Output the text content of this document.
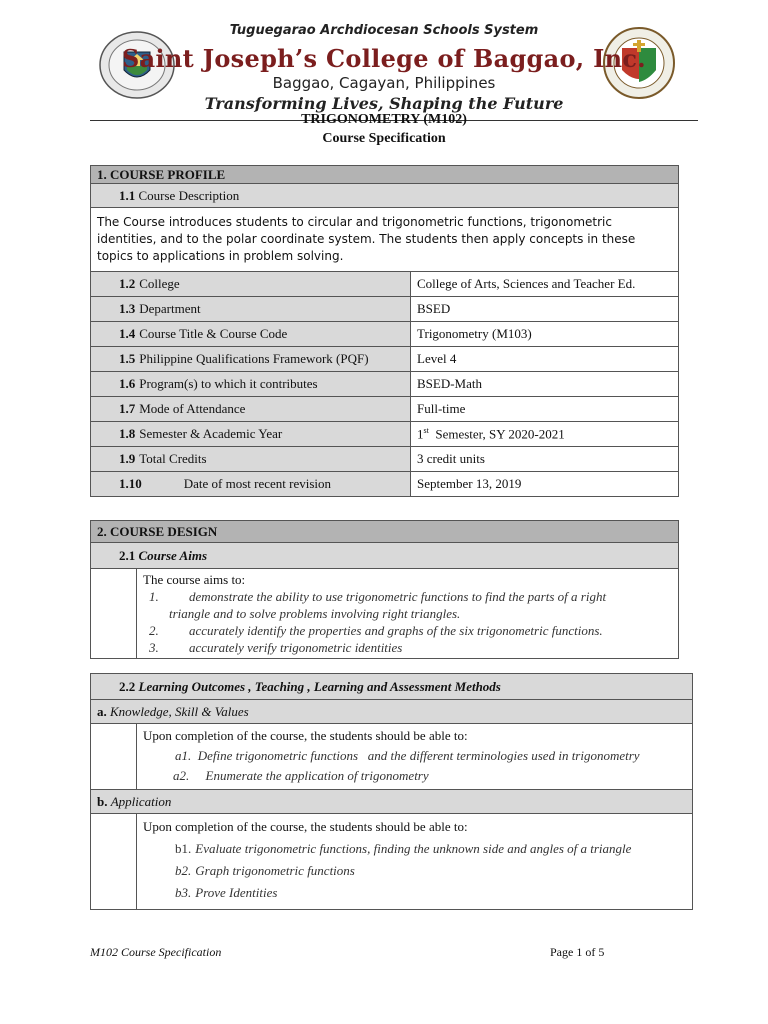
Tuguegarao Archdiocesan Schools System
Saint Joseph’s College of Baggao, Inc.
Baggao, Cagayan, Philippines
Transforming Lives, Shaping the Future
TRIGONOMETRY (M102)
Course Specification
1. COURSE PROFILE	
1.1 Course Description	
The Course introduces students to circular and trigonometric functions, trigonometric identities, and to the polar coordinate system. The students then apply concepts in these topics to applications in problem solving.	
1.2 College	College of Arts, Sciences and Teacher Ed.
1.3 Department	BSED
1.4 Course Title & Course Code	Trigonometry (M103)
1.5 Philippine Qualifications Framework (PQF)	Level 4
1.6 Program(s) to which it contributes	BSED-Math
1.7 Mode of Attendance	Full-time
1.8 Semester & Academic Year	1st  Semester, SY 2020-2021
1.9 Total Credits	3 credit units
1.10 Date of most recent revision	September 13, 2019
2. COURSE DESIGN
2.1 Course Aims

The course aims to:
1. demonstrate the ability to use trigonometric functions to find the parts of a right
triangle and to solve problems involving right triangles.
2. accurately identify the properties and graphs of the six trigonometric functions.
3. accurately verify trigonometric identities
2.2 Learning Outcomes , Teaching , Learning and Assessment Methods	
a. Knowledge, Skill & Values	

	Upon completion of the course, the students should be able to:
a1.  Define trigonometric functions   and the different terminologies used in trigonometry
a2.     Enumerate the application of trigonometry

b. Application	

	Upon completion of the course, the students should be able to:
b1. Evaluate trigonometric functions, finding the unknown side and angles of a triangle
b2. Graph trigonometric functions
b3. Prove Identities
M102 Course Specification	Page 1 of 5
